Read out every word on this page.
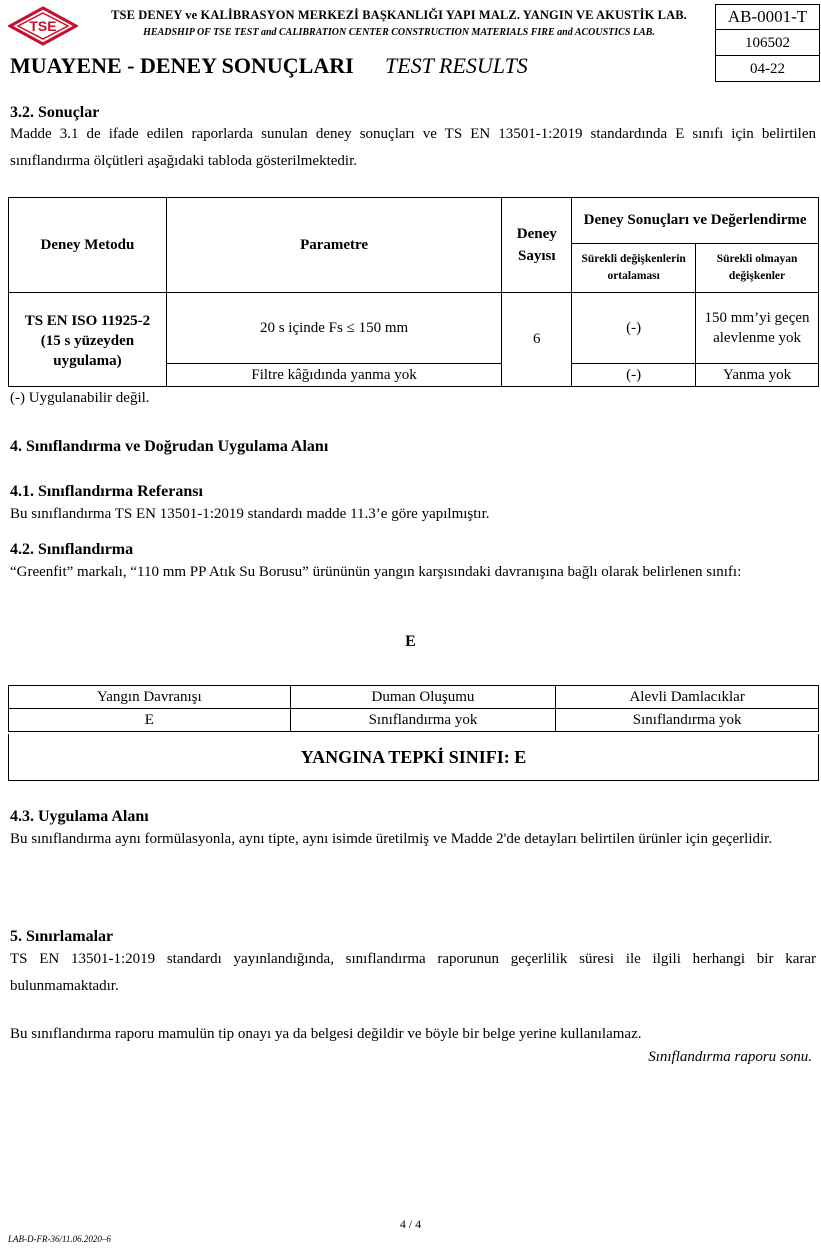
TSE
TSE DENEY ve KALİBRASYON MERKEZİ BAŞKANLIĞI YAPI MALZ. YANGIN VE AKUSTİK LAB.
HEADSHIP OF TSE TEST and CALIBRATION CENTER CONSTRUCTION MATERIALS FIRE and ACOUSTICS LAB.
MUAYENE - DENEY SONUÇLARI TEST RESULTS
AB-0001-T
106502
04-22
3.2. Sonuçlar
Madde 3.1 de ifade edilen raporlarda sunulan deney sonuçları ve TS EN 13501-1:2019 standardında E sınıfı için belirtilen sınıflandırma ölçütleri aşağıdaki tabloda gösterilmektedir.
Deney Metodu	Parametre	Deney Sayısı	Deney Sonuçları ve Değerlendirme	
			Sürekli değişkenlerin ortalaması	Sürekli olmayan değişkenler
TS EN ISO 11925-2 (15 s yüzeyden uygulama)	20 s içinde Fs ≤ 150 mm	6	(-)	150 mm’yi geçen alevlenme yok
	Filtre kâğıdında yanma yok		(-)	Yanma yok
(-) Uygulanabilir değil.
4. Sınıflandırma ve Doğrudan Uygulama Alanı
4.1. Sınıflandırma Referansı
Bu sınıflandırma TS EN 13501-1:2019 standardı madde 11.3’e göre yapılmıştır.
4.2. Sınıflandırma
“Greenfit” markalı, “110 mm PP Atık Su Borusu” ürününün yangın karşısındaki davranışına bağlı olarak belirlenen sınıfı:
E
Yangın Davranışı	Duman Oluşumu	Alevli Damlacıklar
E	Sınıflandırma yok	Sınıflandırma yok
YANGINA TEPKİ SINIFI: E
4.3. Uygulama Alanı
Bu sınıflandırma aynı formülasyonla, aynı tipte, aynı isimde üretilmiş ve Madde 2'de detayları belirtilen ürünler için geçerlidir.
5. Sınırlamalar
TS EN 13501-1:2019 standardı yayınlandığında, sınıflandırma raporunun geçerlilik süresi ile ilgili herhangi bir karar bulunmamaktadır.
Bu sınıflandırma raporu mamulün tip onayı ya da belgesi değildir ve böyle bir belge yerine kullanılamaz.
Sınıflandırma raporu sonu.
4 / 4
LAB-D-FR-36/11.06.2020–6
